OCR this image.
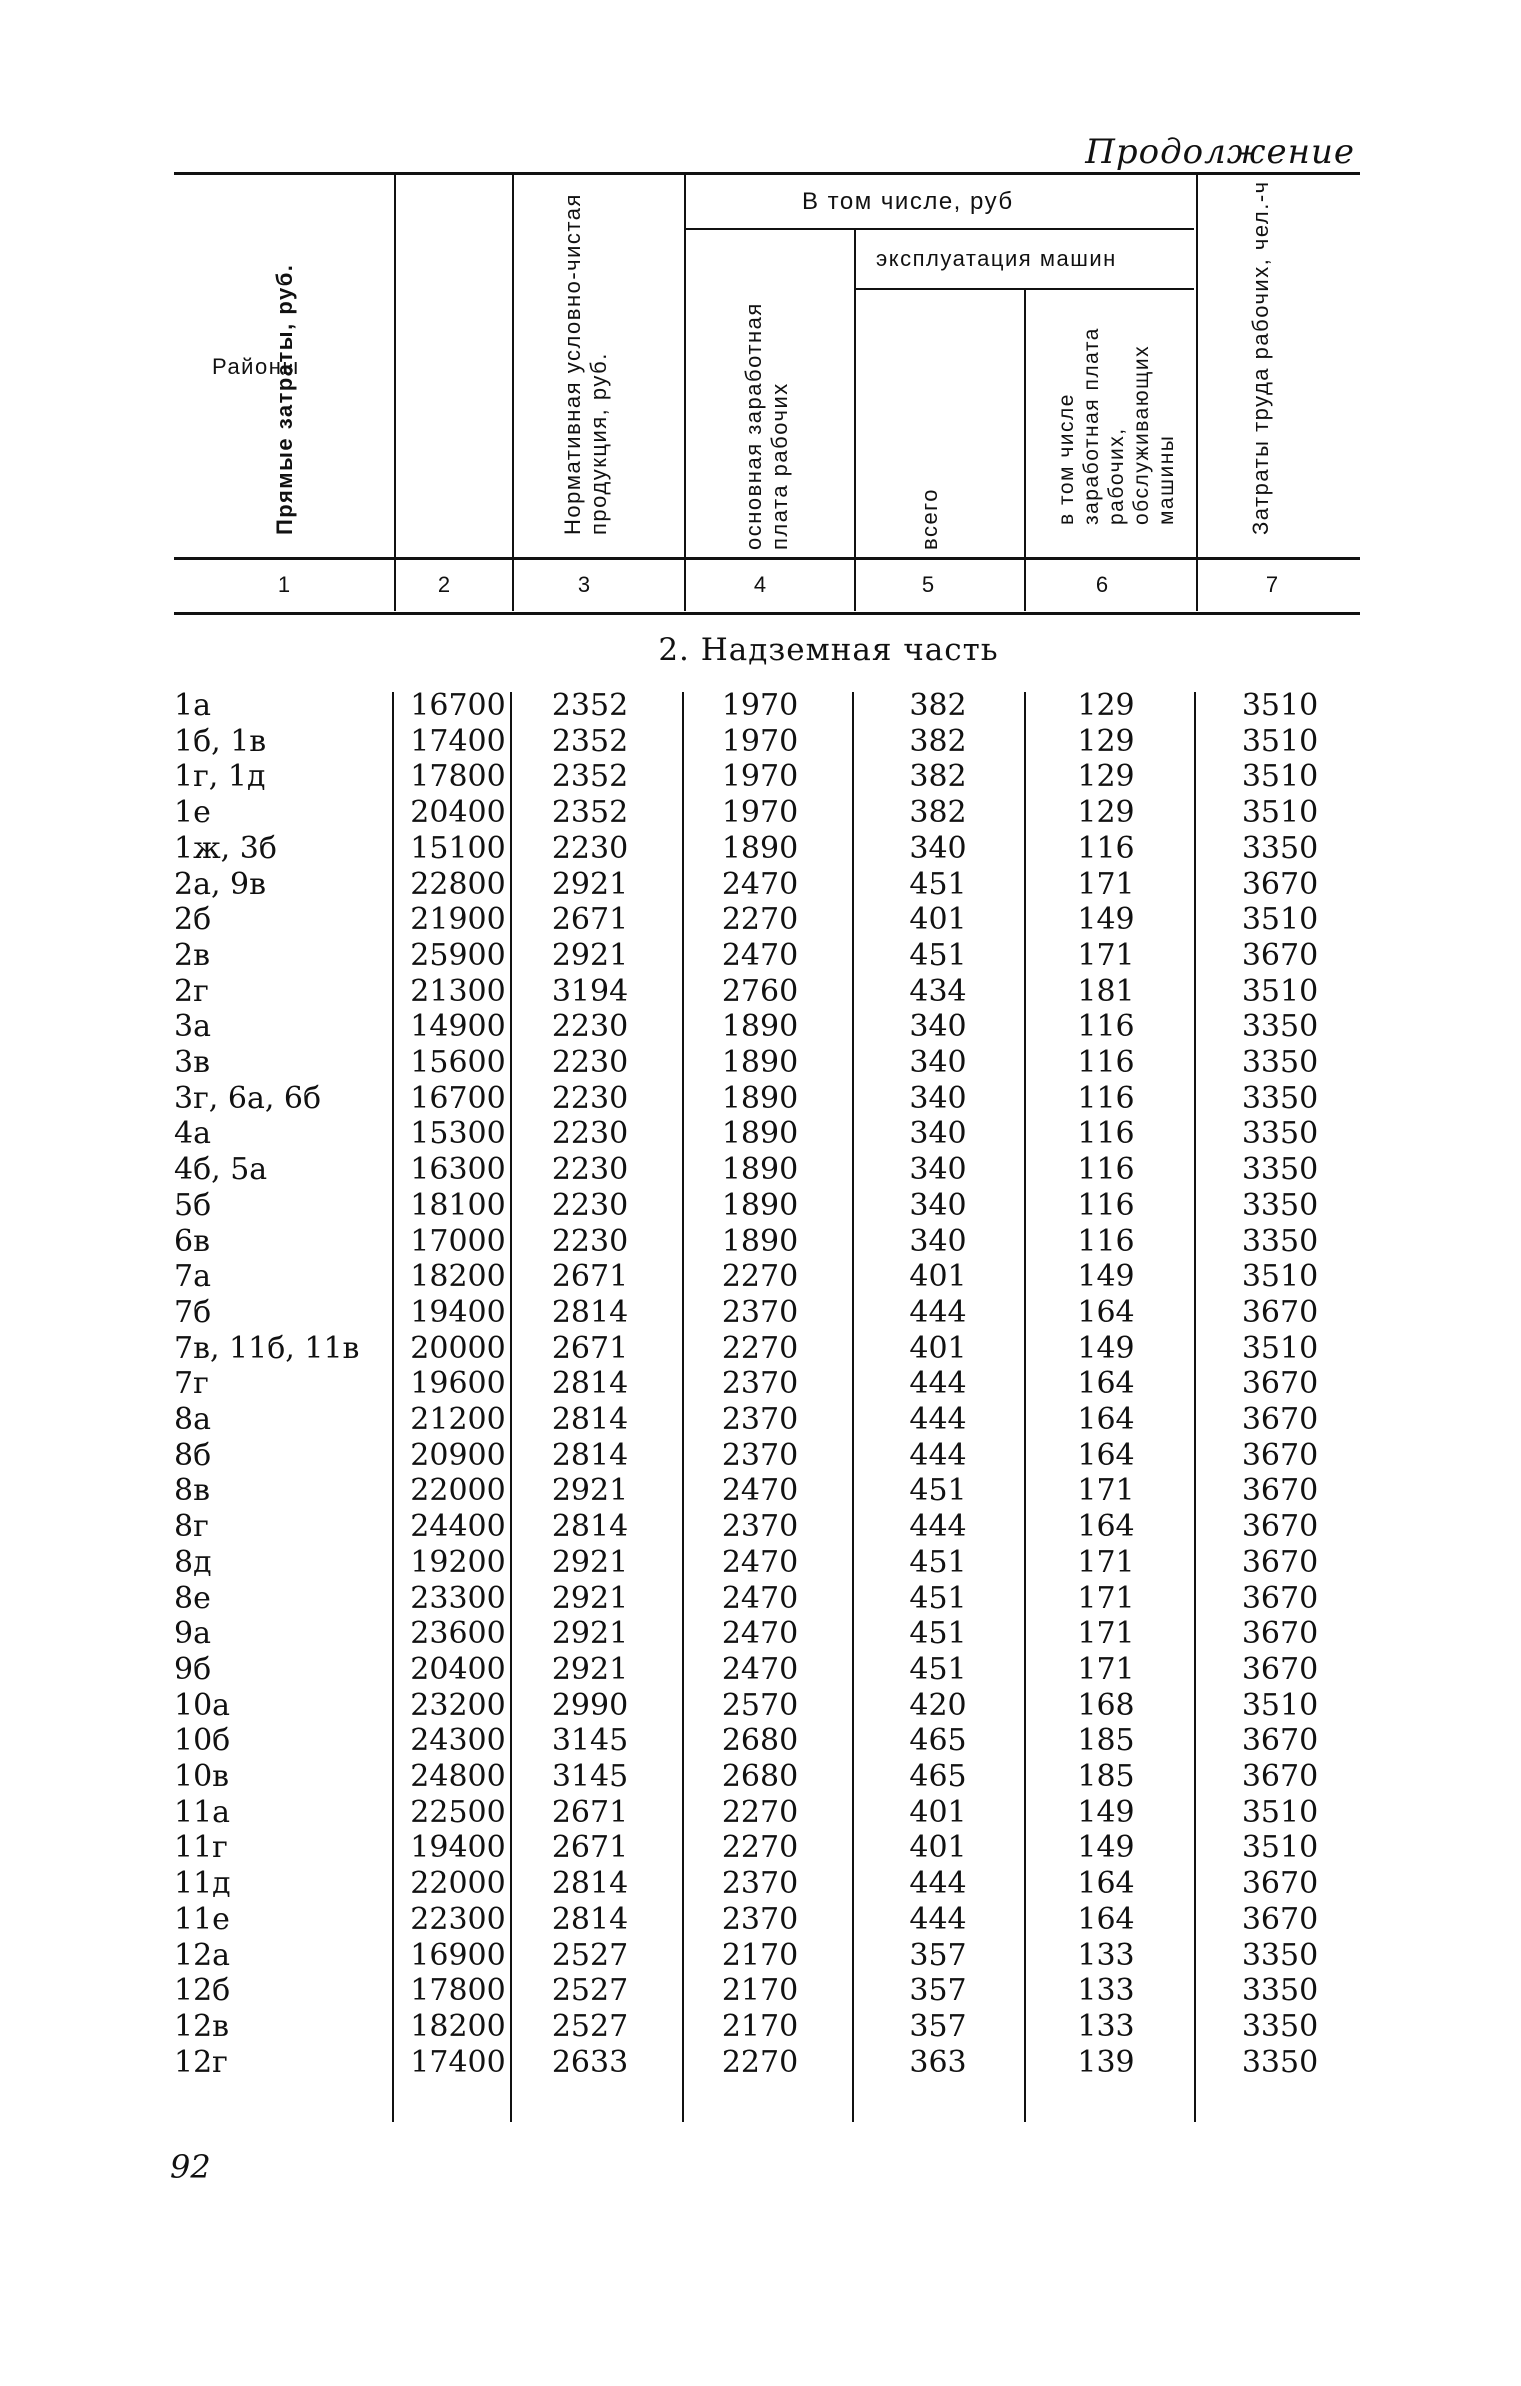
Продолжение
Районы
В том числе, руб
эксплуатация машин
Прямые затраты, руб.	Нормативная условно-чистая продукция, руб.	основная заработная плата рабочих	всего	в том числе заработная плата рабочих, обслуживающих машины	Затраты труда рабочих, чел.-ч
1	2	3	4	5	6	7
2. Надземная часть
1а	16700	2352	1970	382	129	3510
1б, 1в	17400	2352	1970	382	129	3510
1г, 1д	17800	2352	1970	382	129	3510
1е	20400	2352	1970	382	129	3510
1ж, 3б	15100	2230	1890	340	116	3350
2а, 9в	22800	2921	2470	451	171	3670
2б	21900	2671	2270	401	149	3510
2в	25900	2921	2470	451	171	3670
2г	21300	3194	2760	434	181	3510
3а	14900	2230	1890	340	116	3350
3в	15600	2230	1890	340	116	3350
3г, 6а, 6б	16700	2230	1890	340	116	3350
4а	15300	2230	1890	340	116	3350
4б, 5а	16300	2230	1890	340	116	3350
5б	18100	2230	1890	340	116	3350
6в	17000	2230	1890	340	116	3350
7а	18200	2671	2270	401	149	3510
7б	19400	2814	2370	444	164	3670
7в, 11б, 11в	20000	2671	2270	401	149	3510
7г	19600	2814	2370	444	164	3670
8а	21200	2814	2370	444	164	3670
8б	20900	2814	2370	444	164	3670
8в	22000	2921	2470	451	171	3670
8г	24400	2814	2370	444	164	3670
8д	19200	2921	2470	451	171	3670
8е	23300	2921	2470	451	171	3670
9а	23600	2921	2470	451	171	3670
9б	20400	2921	2470	451	171	3670
10а	23200	2990	2570	420	168	3510
10б	24300	3145	2680	465	185	3670
10в	24800	3145	2680	465	185	3670
11а	22500	2671	2270	401	149	3510
11г	19400	2671	2270	401	149	3510
11д	22000	2814	2370	444	164	3670
11е	22300	2814	2370	444	164	3670
12а	16900	2527	2170	357	133	3350
12б	17800	2527	2170	357	133	3350
12в	18200	2527	2170	357	133	3350
12г	17400	2633	2270	363	139	3350
92
